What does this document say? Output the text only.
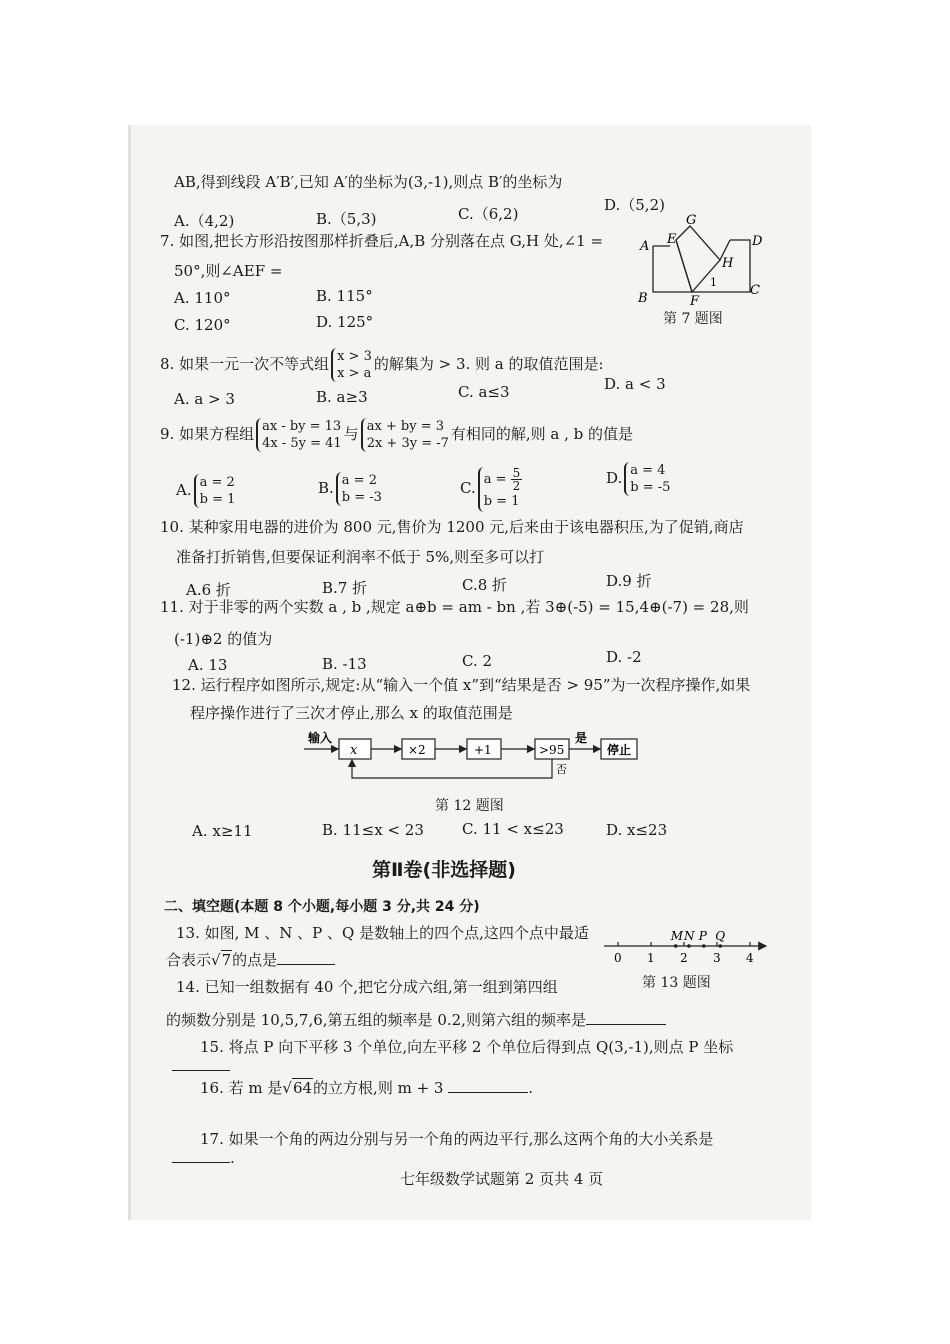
AB,得到线段 A′B′,已知 A′的坐标为(3,-1),则点 B′的坐标为
A.（4,2)	B.（5,3)	C.（6,2)	D.（5,2)
7. 如图,把长方形沿按图那样折叠后,A,B 分别落在点 G,H 处,∠1 =
50°,则∠AEF =
A. 110°	B. 115°
C. 120°	D. 125°
A E
G
D
H
B	F
C
1
第 7 题图
8. 如果一元一次不等式组 x > 3
x > a的解集为 > 3. 则 a 的取值范围是:
A. a > 3	B. a≥3	C. a≤3	D. a < 3
9. 如果方程组 ax - by = 13
4x - 5y = 41与 ax + by = 3
2x + 3y = -7有相同的解,则 a , b 的值是
A. a = 2
b = 1
B. a = 2
b = -3
C. $a = \frac{5}{2}$

b = 1
D. a = 4
b = -5
10. 某种家用电器的进价为 800 元,售价为 1200 元,后来由于该电器积压,为了促销,商店
准备打折销售,但要保证利润率不低于 5%,则至多可以打
A.6 折	B.7 折	C.8 折	D.9 折
11. 对于非零的两个实数 a , b ,规定 a⊕b = am - bn ,若 3⊕(-5) = 15,4⊕(-7) = 28,则
(-1)⊕2 的值为
A. 13	B. -13	C. 2	D. -2
12. 运行程序如图所示,规定:从“输入一个值 x”到“结果是否 > 95”为一次程序操作,如果
程序操作进行了三次才停止,那么 x 的取值范围是
输入
x	×2	+1	>95
是
停止
否
第 12 题图
A. x≥11	B. 11≤x < 23	C. 11 < x≤23	D. x≤23
第Ⅱ卷(非选择题)
二、填空题(本题 8 个小题,每小题 3 分,共 24 分)
13. 如图, M 、N 、P 、Q 是数轴上的四个点,这四个点中最适
合表示√7的点是	0 1 2 3 4
M N P Q
第 13 题图
14. 已知一组数据有 40 个,把它分成六组,第一组到第四组
的频数分别是 10,5,7,6,第五组的频率是 0.2,则第六组的频率是
15. 将点 P 向下平移 3 个单位,向左平移 2 个单位后得到点 Q(3,-1),则点 P 坐标
16. 若 m 是√64的立方根,则 m + 3	.
17. 如果一个角的两边分别与另一个角的两边平行,那么这两个角的大小关系是
.
七年级数学试题第 2 页共 4 页
